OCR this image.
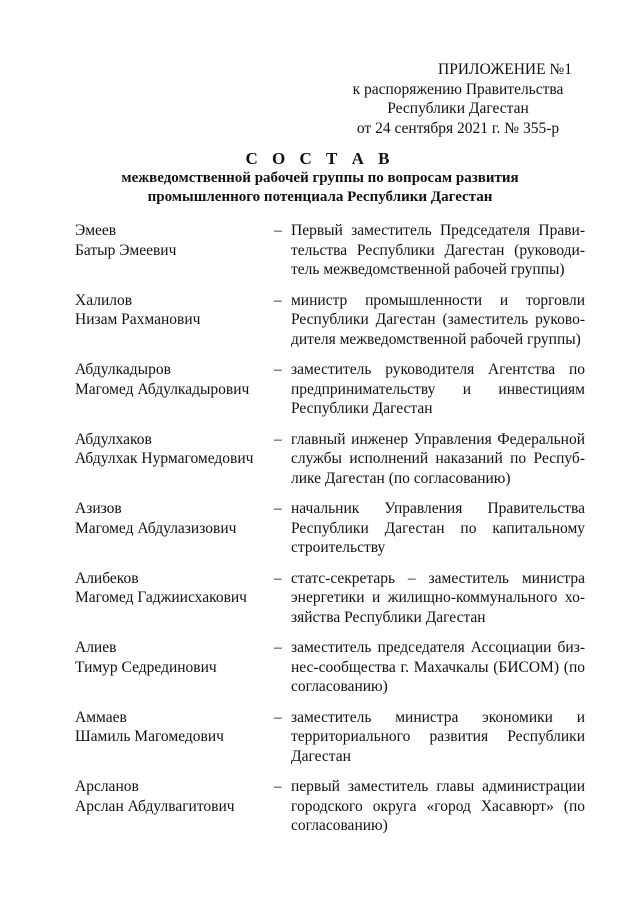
ПРИЛОЖЕНИЕ №1
к распоряжению Правительства
Республики Дагестан
от 24 сентября 2021 г. № 355-р
С О С Т А В
межведомственной рабочей группы по вопросам развития
промышленного потенциала Республики Дагестан
Эмеев
Батыр Эмеевич
– Первый заместитель Председателя Правительства Республики Дагестан (руководитель межведомственной рабочей группы)
Халилов
Низам Рахманович
– министр промышленности и торговли Республики Дагестан (заместитель руководителя межведомственной рабочей группы)
Абдулкадыров
Магомед Абдулкадырович
– заместитель руководителя Агентства по предпринимательству и инвестициям Республики Дагестан
Абдулхаков
Абдулхак Нурмагомедович
– главный инженер Управления Федеральной службы исполнений наказаний по Республике Дагестан (по согласованию)
Азизов
Магомед Абдулазизович
– начальник Управления Правительства Республики Дагестан по капитальному строительству
Алибеков
Магомед Гаджиисхакович
– статс-секретарь – заместитель министра энергетики и жилищно-коммунального хозяйства Республики Дагестан
Алиев
Тимур Седрединович
– заместитель председателя Ассоциации бизнес-сообщества г. Махачкалы (БИСОМ) (по согласованию)
Аммаев
Шамиль Магомедович
– заместитель министра экономики и территориального развития Республики Дагестан
Арсланов
Арслан Абдулвагитович
– первый заместитель главы администрации городского округа «город Хасавюрт» (по согласованию)
